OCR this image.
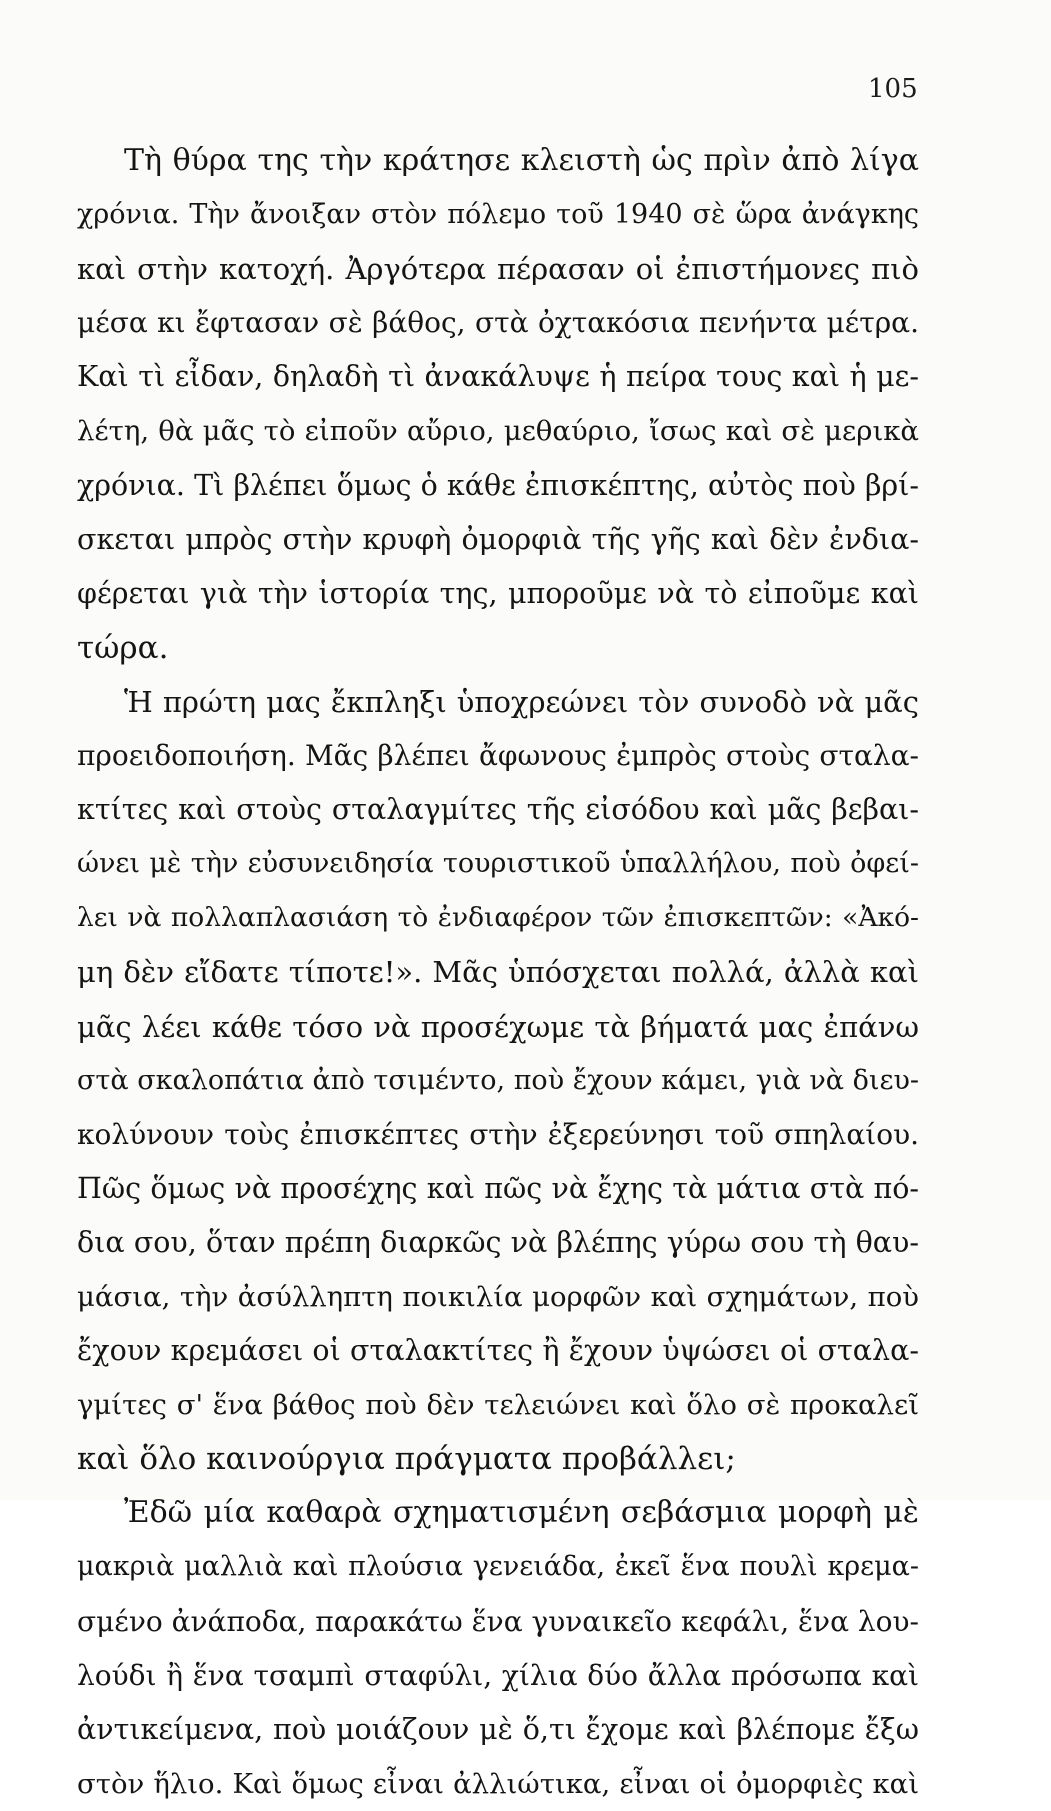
105
Τὴ θύρα της τὴν κράτησε κλειστὴ ὡς πρὶν ἀπὸ λίγα
χρόνια. Τὴν ἄνοιξαν στὸν πόλεμο τοῦ 1940 σὲ ὥρα ἀνάγκης
καὶ στὴν κατοχή. Ἀργότερα πέρασαν οἱ ἐπιστήμονες πιὸ
μέσα κι ἔφτασαν σὲ βάθος, στὰ ὀχτακόσια πενήντα μέτρα.
Καὶ τὶ εἶδαν, δηλαδὴ τὶ ἀνακάλυψε ἡ πείρα τους καὶ ἡ με-
λέτη, θὰ μᾶς τὸ εἰποῦν αὔριο, μεθαύριο, ἴσως καὶ σὲ μερικὰ
χρόνια. Τὶ βλέπει ὅμως ὁ κάθε ἐπισκέπτης, αὐτὸς ποὺ βρί-
σκεται μπρὸς στὴν κρυφὴ ὀμορφιὰ τῆς γῆς καὶ δὲν ἐνδια-
φέρεται γιὰ τὴν ἱστορία της, μποροῦμε νὰ τὸ εἰποῦμε καὶ
τώρα.
Ἡ πρώτη μας ἔκπληξι ὑποχρεώνει τὸν συνοδὸ νὰ μᾶς
προειδοποιήση. Μᾶς βλέπει ἄφωνους ἐμπρὸς στοὺς σταλα-
κτίτες καὶ στοὺς σταλαγμίτες τῆς εἰσόδου καὶ μᾶς βεβαι-
ώνει μὲ τὴν εὐσυνειδησία τουριστικοῦ ὑπαλλήλου, ποὺ ὀφεί-
λει νὰ πολλαπλασιάση τὸ ἐνδιαφέρον τῶν ἐπισκεπτῶν: «Ἀκό-
μη δὲν εἴδατε τίποτε!». Μᾶς ὑπόσχεται πολλά, ἀλλὰ καὶ
μᾶς λέει κάθε τόσο νὰ προσέχωμε τὰ βήματά μας ἐπάνω
στὰ σκαλοπάτια ἀπὸ τσιμέντο, ποὺ ἔχουν κάμει, γιὰ νὰ διευ-
κολύνουν τοὺς ἐπισκέπτες στὴν ἐξερεύνησι τοῦ σπηλαίου.
Πῶς ὅμως νὰ προσέχης καὶ πῶς νὰ ἔχης τὰ μάτια στὰ πό-
δια σου, ὅταν πρέπη διαρκῶς νὰ βλέπης γύρω σου τὴ θαυ-
μάσια, τὴν ἀσύλληπτη ποικιλία μορφῶν καὶ σχημάτων, ποὺ
ἔχουν κρεμάσει οἱ σταλακτίτες ἢ ἔχουν ὑψώσει οἱ σταλα-
γμίτες σ' ἕνα βάθος ποὺ δὲν τελειώνει καὶ ὅλο σὲ προκαλεῖ
καὶ ὅλο καινούργια πράγματα προβάλλει;
Ἐδῶ μία καθαρὰ σχηματισμένη σεβάσμια μορφὴ μὲ
μακριὰ μαλλιὰ καὶ πλούσια γενειάδα, ἐκεῖ ἕνα πουλὶ κρεμα-
σμένο ἀνάποδα, παρακάτω ἕνα γυναικεῖο κεφάλι, ἕνα λου-
λούδι ἢ ἕνα τσαμπὶ σταφύλι, χίλια δύο ἄλλα πρόσωπα καὶ
ἀντικείμενα, ποὺ μοιάζουν μὲ ὅ,τι ἔχομε καὶ βλέπομε ἔξω
στὸν ἥλιο. Καὶ ὅμως εἶναι ἀλλιώτικα, εἶναι οἱ ὀμορφιὲς καὶ
